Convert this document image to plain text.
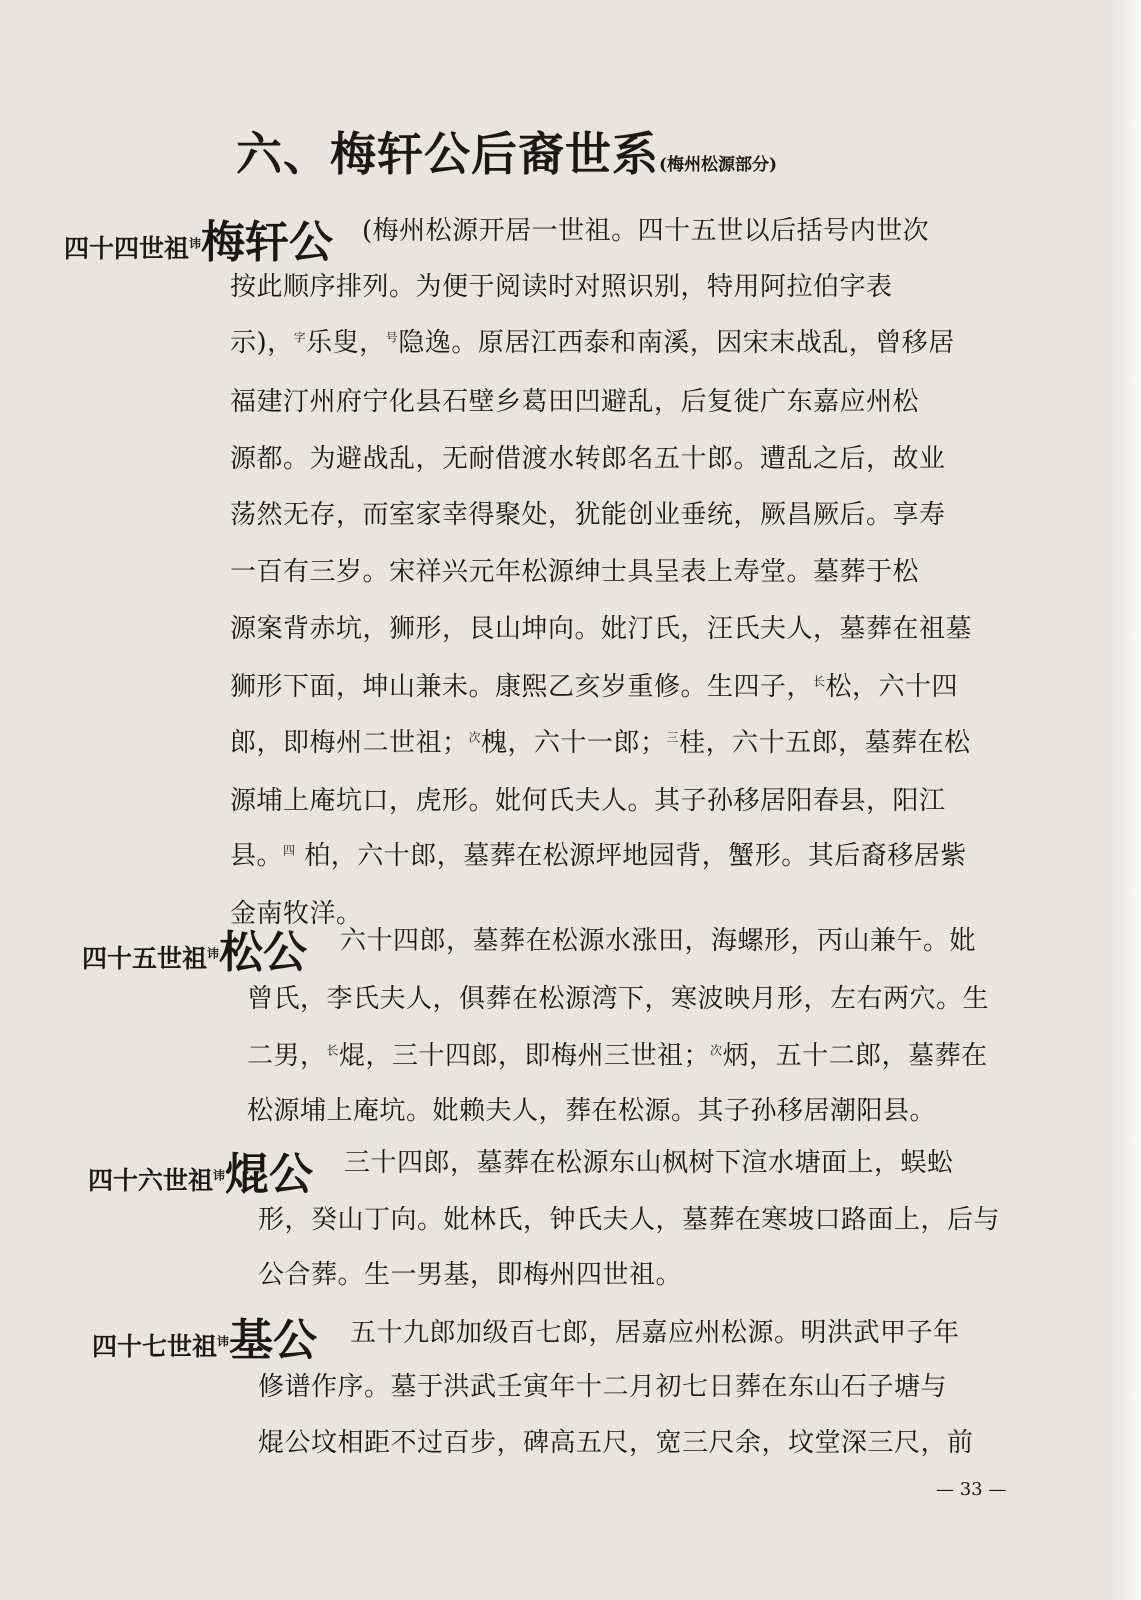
六、梅轩公后裔世系(梅州松源部分)
四十四世祖$^讳$梅轩公 (梅州松源开居一世祖。四十五世以后括号内世次
按此顺序排列。为便于阅读时对照识别，特用阿拉伯字表
示)，$^字$乐叟，$^号$隐逸。原居江西泰和南溪，因宋末战乱，曾移居
福建汀州府宁化县石壁乡葛田凹避乱，后复徙广东嘉应州松
源都。为避战乱，无耐借渡水转郎名五十郎。遭乱之后，故业
荡然无存，而室家幸得聚处，犹能创业垂统，厥昌厥后。享寿
一百有三岁。宋祥兴元年松源绅士具呈表上寿堂。墓葬于松
源案背赤坑，狮形，艮山坤向。妣汀氏，汪氏夫人，墓葬在祖墓
狮形下面，坤山兼未。康熙乙亥岁重修。生四子，$^长$松，六十四
郎，即梅州二世祖；$^次$槐，六十一郎；$^三$桂，六十五郎，墓葬在松
源埔上庵坑口，虎形。妣何氏夫人。其子孙移居阳春县，阳江
县。$^四$ 柏，六十郎，墓葬在松源坪地园背，蟹形。其后裔移居紫
金南牧洋。
四十五世祖$^讳$松公 六十四郎，墓葬在松源水涨田，海螺形，丙山兼午。妣
曾氏，李氏夫人，俱葬在松源湾下，寒波映月形，左右两穴。生
二男，$^长$焜，三十四郎，即梅州三世祖；$^次$炳，五十二郎，墓葬在
松源埔上庵坑。妣赖夫人，葬在松源。其子孙移居潮阳县。
四十六世祖$^讳$焜公 三十四郎，墓葬在松源东山枫树下渲水塘面上，蜈蚣
形，癸山丁向。妣林氏，钟氏夫人，墓葬在寒坡口路面上，后与
公合葬。生一男基，即梅州四世祖。
四十七世祖$^讳$基公 五十九郎加级百七郎，居嘉应州松源。明洪武甲子年
修谱作序。墓于洪武壬寅年十二月初七日葬在东山石子塘与
焜公坟相距不过百步，碑高五尺，宽三尺余，坟堂深三尺，前
— 33 —
